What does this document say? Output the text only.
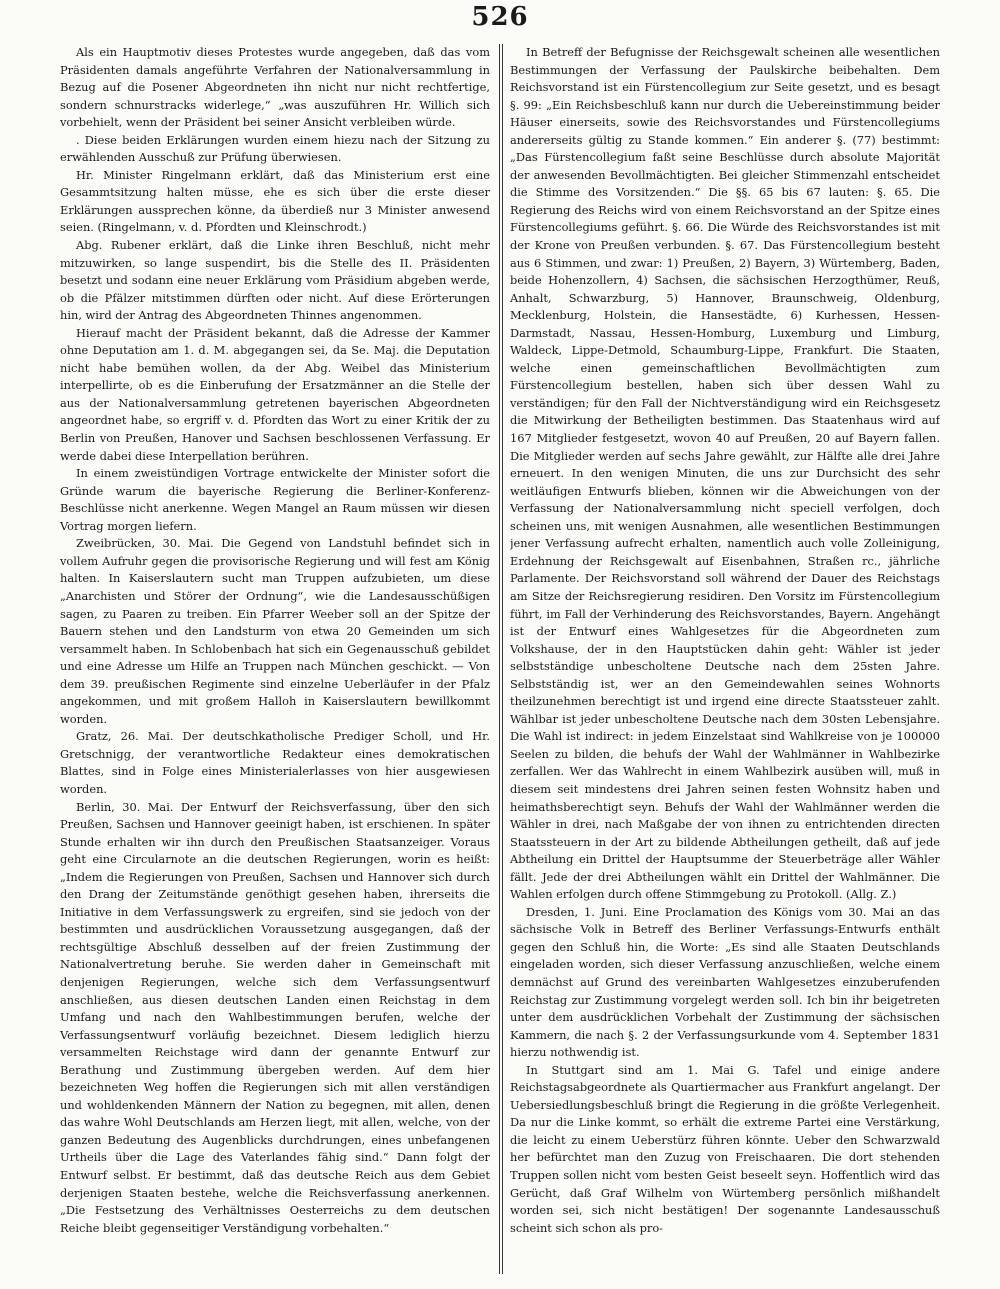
526

Als ein Hauptmotiv dieses Protestes wurde angegeben, daß das vom Präsidenten damals angeführte Verfahren der Nationalversammlung in Bezug auf die Posener Abgeordneten ihn nicht nur nicht rechtfertige, sondern schnurstracks widerlege,“ „was auszuführen Hr. Willich sich vorbehielt, wenn der Präsident bei seiner Ansicht verbleiben würde.

. Diese beiden Erklärungen wurden einem hiezu nach der Sitzung zu erwählenden Ausschuß zur Prüfung überwiesen.

Hr. Minister Ringelmann erklärt, daß das Ministerium erst eine Gesammtsitzung halten müsse, ehe es sich über die erste dieser Erklärungen aussprechen könne, da überdieß nur 3 Minister anwesend seien. (Ringelmann, v. d. Pfordten und Kleinschrodt.)

Abg. Rubener erklärt, daß die Linke ihren Beschluß, nicht mehr mitzuwirken, so lange suspendirt, bis die Stelle des II. Präsidenten besetzt und sodann eine neuer Erklärung vom Präsidium abgeben werde, ob die Pfälzer mitstimmen dürften oder nicht. Auf diese Erörterungen hin, wird der Antrag des Abgeordneten Thinnes angenommen.

Hierauf macht der Präsident bekannt, daß die Adresse der Kammer ohne Deputation am 1. d. M. abgegangen sei, da Se. Maj. die Deputation nicht habe bemühen wollen, da der Abg. Weibel das Ministerium interpellirte, ob es die Einberufung der Ersatzmänner an die Stelle der aus der Nationalversammlung getretenen bayerischen Abgeordneten angeordnet habe, so ergriff v. d. Pfordten das Wort zu einer Kritik der zu Berlin von Preußen, Hanover und Sachsen beschlossenen Verfassung. Er werde dabei diese Interpellation berühren.

In einem zweistündigen Vortrage entwickelte der Minister sofort die Gründe warum die bayerische Regierung die Berliner-Konferenz-Beschlüsse nicht anerkenne. Wegen Mangel an Raum müssen wir diesen Vortrag morgen liefern.

Zweibrücken, 30. Mai. Die Gegend von Landstuhl befindet sich in vollem Aufruhr gegen die provisorische Regierung und will fest am König halten. In Kaiserslautern sucht man Truppen aufzubieten, um diese „Anarchisten und Störer der Ordnung“, wie die Landesausschüßigen sagen, zu Paaren zu treiben. Ein Pfarrer Weeber soll an der Spitze der Bauern stehen und den Landsturm von etwa 20 Gemeinden um sich versammelt haben. In Schlobenbach hat sich ein Gegenausschuß gebildet und eine Adresse um Hilfe an Truppen nach München geschickt. — Von dem 39. preußischen Regimente sind einzelne Ueberläufer in der Pfalz angekommen, und mit großem Halloh in Kaiserslautern bewillkommt worden.

Gratz, 26. Mai. Der deutschkatholische Prediger Scholl, und Hr. Gretschnigg, der verantwortliche Redakteur eines demokratischen Blattes, sind in Folge eines Ministerialerlasses von hier ausgewiesen worden.

Berlin, 30. Mai. Der Entwurf der Reichsverfassung, über den sich Preußen, Sachsen und Hannover geeinigt haben, ist erschienen. In später Stunde erhalten wir ihn durch den Preußischen Staatsanzeiger. Voraus geht eine Circularnote an die deutschen Regierungen, worin es heißt: „Indem die Regierungen von Preußen, Sachsen und Hannover sich durch den Drang der Zeitumstände genöthigt gesehen haben, ihrerseits die Initiative in dem Verfassungswerk zu ergreifen, sind sie jedoch von der bestimmten und ausdrücklichen Voraussetzung ausgegangen, daß der rechtsgültige Abschluß desselben auf der freien Zustimmung der Nationalvertretung beruhe. Sie werden daher in Gemeinschaft mit denjenigen Regierungen, welche sich dem Verfassungsentwurf anschließen, aus diesen deutschen Landen einen Reichstag in dem Umfang und nach den Wahlbestimmungen berufen, welche der Verfassungsentwurf vorläufig bezeichnet. Diesem lediglich hierzu versammelten Reichstage wird dann der genannte Entwurf zur Berathung und Zustimmung übergeben werden. Auf dem hier bezeichneten Weg hoffen die Regierungen sich mit allen verständigen und wohldenkenden Männern der Nation zu begegnen, mit allen, denen das wahre Wohl Deutschlands am Herzen liegt, mit allen, welche, von der ganzen Bedeutung des Augenblicks durchdrungen, eines unbefangenen Urtheils über die Lage des Vaterlandes fähig sind.“ Dann folgt der Entwurf selbst. Er bestimmt, daß das deutsche Reich aus dem Gebiet derjenigen Staaten bestehe, welche die Reichsverfassung anerkennen. „Die Festsetzung des Verhältnisses Oesterreichs zu dem deutschen Reiche bleibt gegenseitiger Verständigung vorbehalten.“

In Betreff der Befugnisse der Reichsgewalt scheinen alle wesentlichen Bestimmungen der Verfassung der Paulskirche beibehalten. Dem Reichsvorstand ist ein Fürstencollegium zur Seite gesetzt, und es besagt §. 99: „Ein Reichsbeschluß kann nur durch die Uebereinstimmung beider Häuser einerseits, sowie des Reichsvorstandes und Fürstencollegiums andererseits gültig zu Stande kommen.“ Ein anderer §. (77) bestimmt: „Das Fürstencollegium faßt seine Beschlüsse durch absolute Majorität der anwesenden Bevollmächtigten. Bei gleicher Stimmenzahl entscheidet die Stimme des Vorsitzenden.“ Die §§. 65 bis 67 lauten: §. 65. Die Regierung des Reichs wird von einem Reichsvorstand an der Spitze eines Fürstencollegiums geführt. §. 66. Die Würde des Reichsvorstandes ist mit der Krone von Preußen verbunden. §. 67. Das Fürstencollegium besteht aus 6 Stimmen, und zwar: 1) Preußen, 2) Bayern, 3) Würtemberg, Baden, beide Hohenzollern, 4) Sachsen, die sächsischen Herzogthümer, Reuß, Anhalt, Schwarzburg, 5) Hannover, Braunschweig, Oldenburg, Mecklenburg, Holstein, die Hansestädte, 6) Kurhessen, Hessen-Darmstadt, Nassau, Hessen-Homburg, Luxemburg und Limburg, Waldeck, Lippe-Detmold, Schaumburg-Lippe, Frankfurt. Die Staaten, welche einen gemeinschaftlichen Bevollmächtigten zum Fürstencollegium bestellen, haben sich über dessen Wahl zu verständigen; für den Fall der Nichtverständigung wird ein Reichsgesetz die Mitwirkung der Betheiligten bestimmen. Das Staatenhaus wird auf 167 Mitglieder festgesetzt, wovon 40 auf Preußen, 20 auf Bayern fallen. Die Mitglieder werden auf sechs Jahre gewählt, zur Hälfte alle drei Jahre erneuert. In den wenigen Minuten, die uns zur Durchsicht des sehr weitläufigen Entwurfs blieben, können wir die Abweichungen von der Verfassung der Nationalversammlung nicht speciell verfolgen, doch scheinen uns, mit wenigen Ausnahmen, alle wesentlichen Bestimmungen jener Verfassung aufrecht erhalten, namentlich auch volle Zolleinigung, Erdehnung der Reichsgewalt auf Eisenbahnen, Straßen rc., jährliche Parlamente. Der Reichsvorstand soll während der Dauer des Reichstags am Sitze der Reichsregierung residiren. Den Vorsitz im Fürstencollegium führt, im Fall der Verhinderung des Reichsvorstandes, Bayern. Angehängt ist der Entwurf eines Wahlgesetzes für die Abgeordneten zum Volkshause, der in den Hauptstücken dahin geht: Wähler ist jeder selbstständige unbescholtene Deutsche nach dem 25sten Jahre. Selbstständig ist, wer an den Gemeindewahlen seines Wohnorts theilzunehmen berechtigt ist und irgend eine directe Staatssteuer zahlt. Wählbar ist jeder unbescholtene Deutsche nach dem 30sten Lebensjahre. Die Wahl ist indirect: in jedem Einzelstaat sind Wahlkreise von je 100000 Seelen zu bilden, die behufs der Wahl der Wahlmänner in Wahlbezirke zerfallen. Wer das Wahlrecht in einem Wahlbezirk ausüben will, muß in diesem seit mindestens drei Jahren seinen festen Wohnsitz haben und heimathsberechtigt seyn. Behufs der Wahl der Wahlmänner werden die Wähler in drei, nach Maßgabe der von ihnen zu entrichtenden directen Staatssteuern in der Art zu bildende Abtheilungen getheilt, daß auf jede Abtheilung ein Drittel der Hauptsumme der Steuerbeträge aller Wähler fällt. Jede der drei Abtheilungen wählt ein Drittel der Wahlmänner. Die Wahlen erfolgen durch offene Stimmgebung zu Protokoll. (Allg. Z.)

Dresden, 1. Juni. Eine Proclamation des Königs vom 30. Mai an das sächsische Volk in Betreff des Berliner Verfassungs-Entwurfs enthält gegen den Schluß hin, die Worte: „Es sind alle Staaten Deutschlands eingeladen worden, sich dieser Verfassung anzuschließen, welche einem demnächst auf Grund des vereinbarten Wahlgesetzes einzuberufenden Reichstag zur Zustimmung vorgelegt werden soll. Ich bin ihr beigetreten unter dem ausdrücklichen Vorbehalt der Zustimmung der sächsischen Kammern, die nach §. 2 der Verfassungsurkunde vom 4. September 1831 hierzu nothwendig ist.

In Stuttgart sind am 1. Mai G. Tafel und einige andere Reichstagsabgeordnete als Quartiermacher aus Frankfurt angelangt. Der Uebersiedlungsbeschluß bringt die Regierung in die größte Verlegenheit. Da nur die Linke kommt, so erhält die extreme Partei eine Verstärkung, die leicht zu einem Ueberstürz führen könnte. Ueber den Schwarzwald her befürchtet man den Zuzug von Freischaaren. Die dort stehenden Truppen sollen nicht vom besten Geist beseelt seyn. Hoffentlich wird das Gerücht, daß Graf Wilhelm von Würtemberg persönlich mißhandelt worden sei, sich nicht bestätigen! Der sogenannte Landesausschuß scheint sich schon als pro-
